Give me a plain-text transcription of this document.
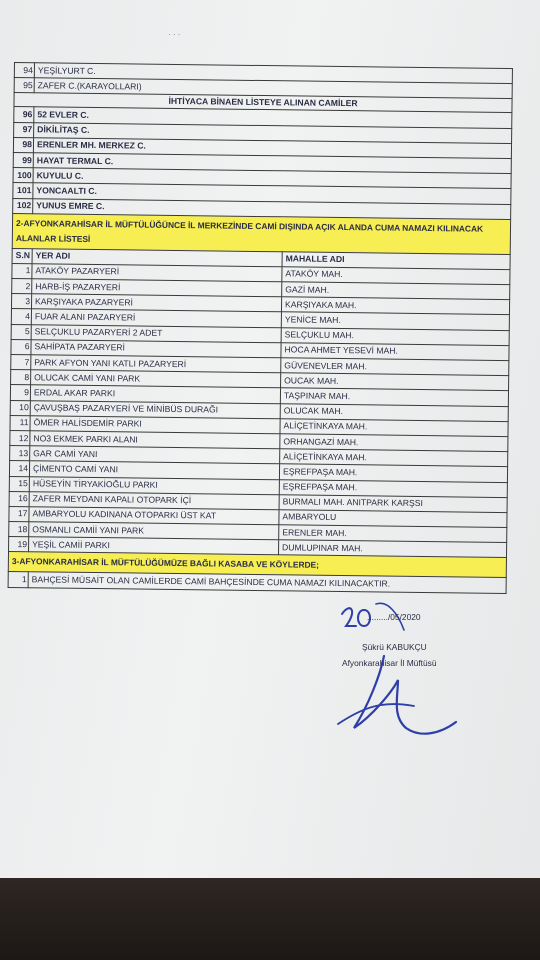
· · ·
94	YEŞİLYURT C.	
95	ZAFER C.(KARAYOLLARI)	
İHTİYACA BİNAEN LİSTEYE ALINAN CAMİLER		
96	52 EVLER C.	
97	DİKİLİTAŞ C.	
98	ERENLER MH. MERKEZ C.	
99	HAYAT TERMAL C.	
100	KUYULU C.	
101	YONCAALTI C.	
102	YUNUS EMRE C.	
2-AFYONKARAHİSAR İL MÜFTÜLÜĞÜNCE İL MERKEZİNDE CAMİ DIŞINDA AÇIK ALANDA CUMA NAMAZI KILINACAK ALANLAR LİSTESİ		
S.N	YER ADI	MAHALLE ADI
1	ATAKÖY PAZARYERİ	ATAKÖY MAH.
2	HARB-İŞ PAZARYERİ	GAZİ MAH.
3	KARŞIYAKA PAZARYERİ	KARŞIYAKA MAH.
4	FUAR ALANI PAZARYERİ	YENİCE MAH.
5	SELÇUKLU PAZARYERİ 2 ADET	SELÇUKLU MAH.
6	SAHİPATA PAZARYERİ	HOCA AHMET YESEVİ MAH.
7	PARK AFYON YANI KATLI PAZARYERİ	GÜVENEVLER MAH.
8	OLUCAK CAMİ YANI PARK	OUCAK MAH.
9	ERDAL AKAR PARKI	TAŞPINAR MAH.
10	ÇAVUŞBAŞ PAZARYERİ VE MİNİBÜS DURAĞI	OLUCAK MAH.
11	ÖMER HALİSDEMİR PARKI	ALİÇETİNKAYA MAH.
12	NO3 EKMEK PARKI ALANI	ORHANGAZİ MAH.
13	GAR CAMİ YANI	ALİÇETİNKAYA MAH.
14	ÇİMENTO CAMİ YANI	EŞREFPAŞA MAH.
15	HÜSEYİN TİRYAKİOĞLU PARKI	EŞREFPAŞA MAH.
16	ZAFER MEYDANI KAPALI OTOPARK İÇİ	BURMALI MAH. ANITPARK KARŞSI
17	AMBARYOLU KADINANA OTOPARKI ÜST KAT	AMBARYOLU
18	OSMANLI CAMİİ YANI PARK	ERENLER MAH.
19	YEŞİL CAMİİ PARKI	DUMLUPINAR MAH.
3-AFYONKARAHİSAR İL MÜFTÜLÜĞÜMÜZE BAĞLI KASABA VE KÖYLERDE;		
1	BAHÇESİ MÜSAİT OLAN CAMİLERDE CAMİ BAHÇESİNDE CUMA NAMAZI KILINACAKTIR.	
........./05/2020
Şükrü KABUKÇU
Afyonkarahisar İl Müftüsü
